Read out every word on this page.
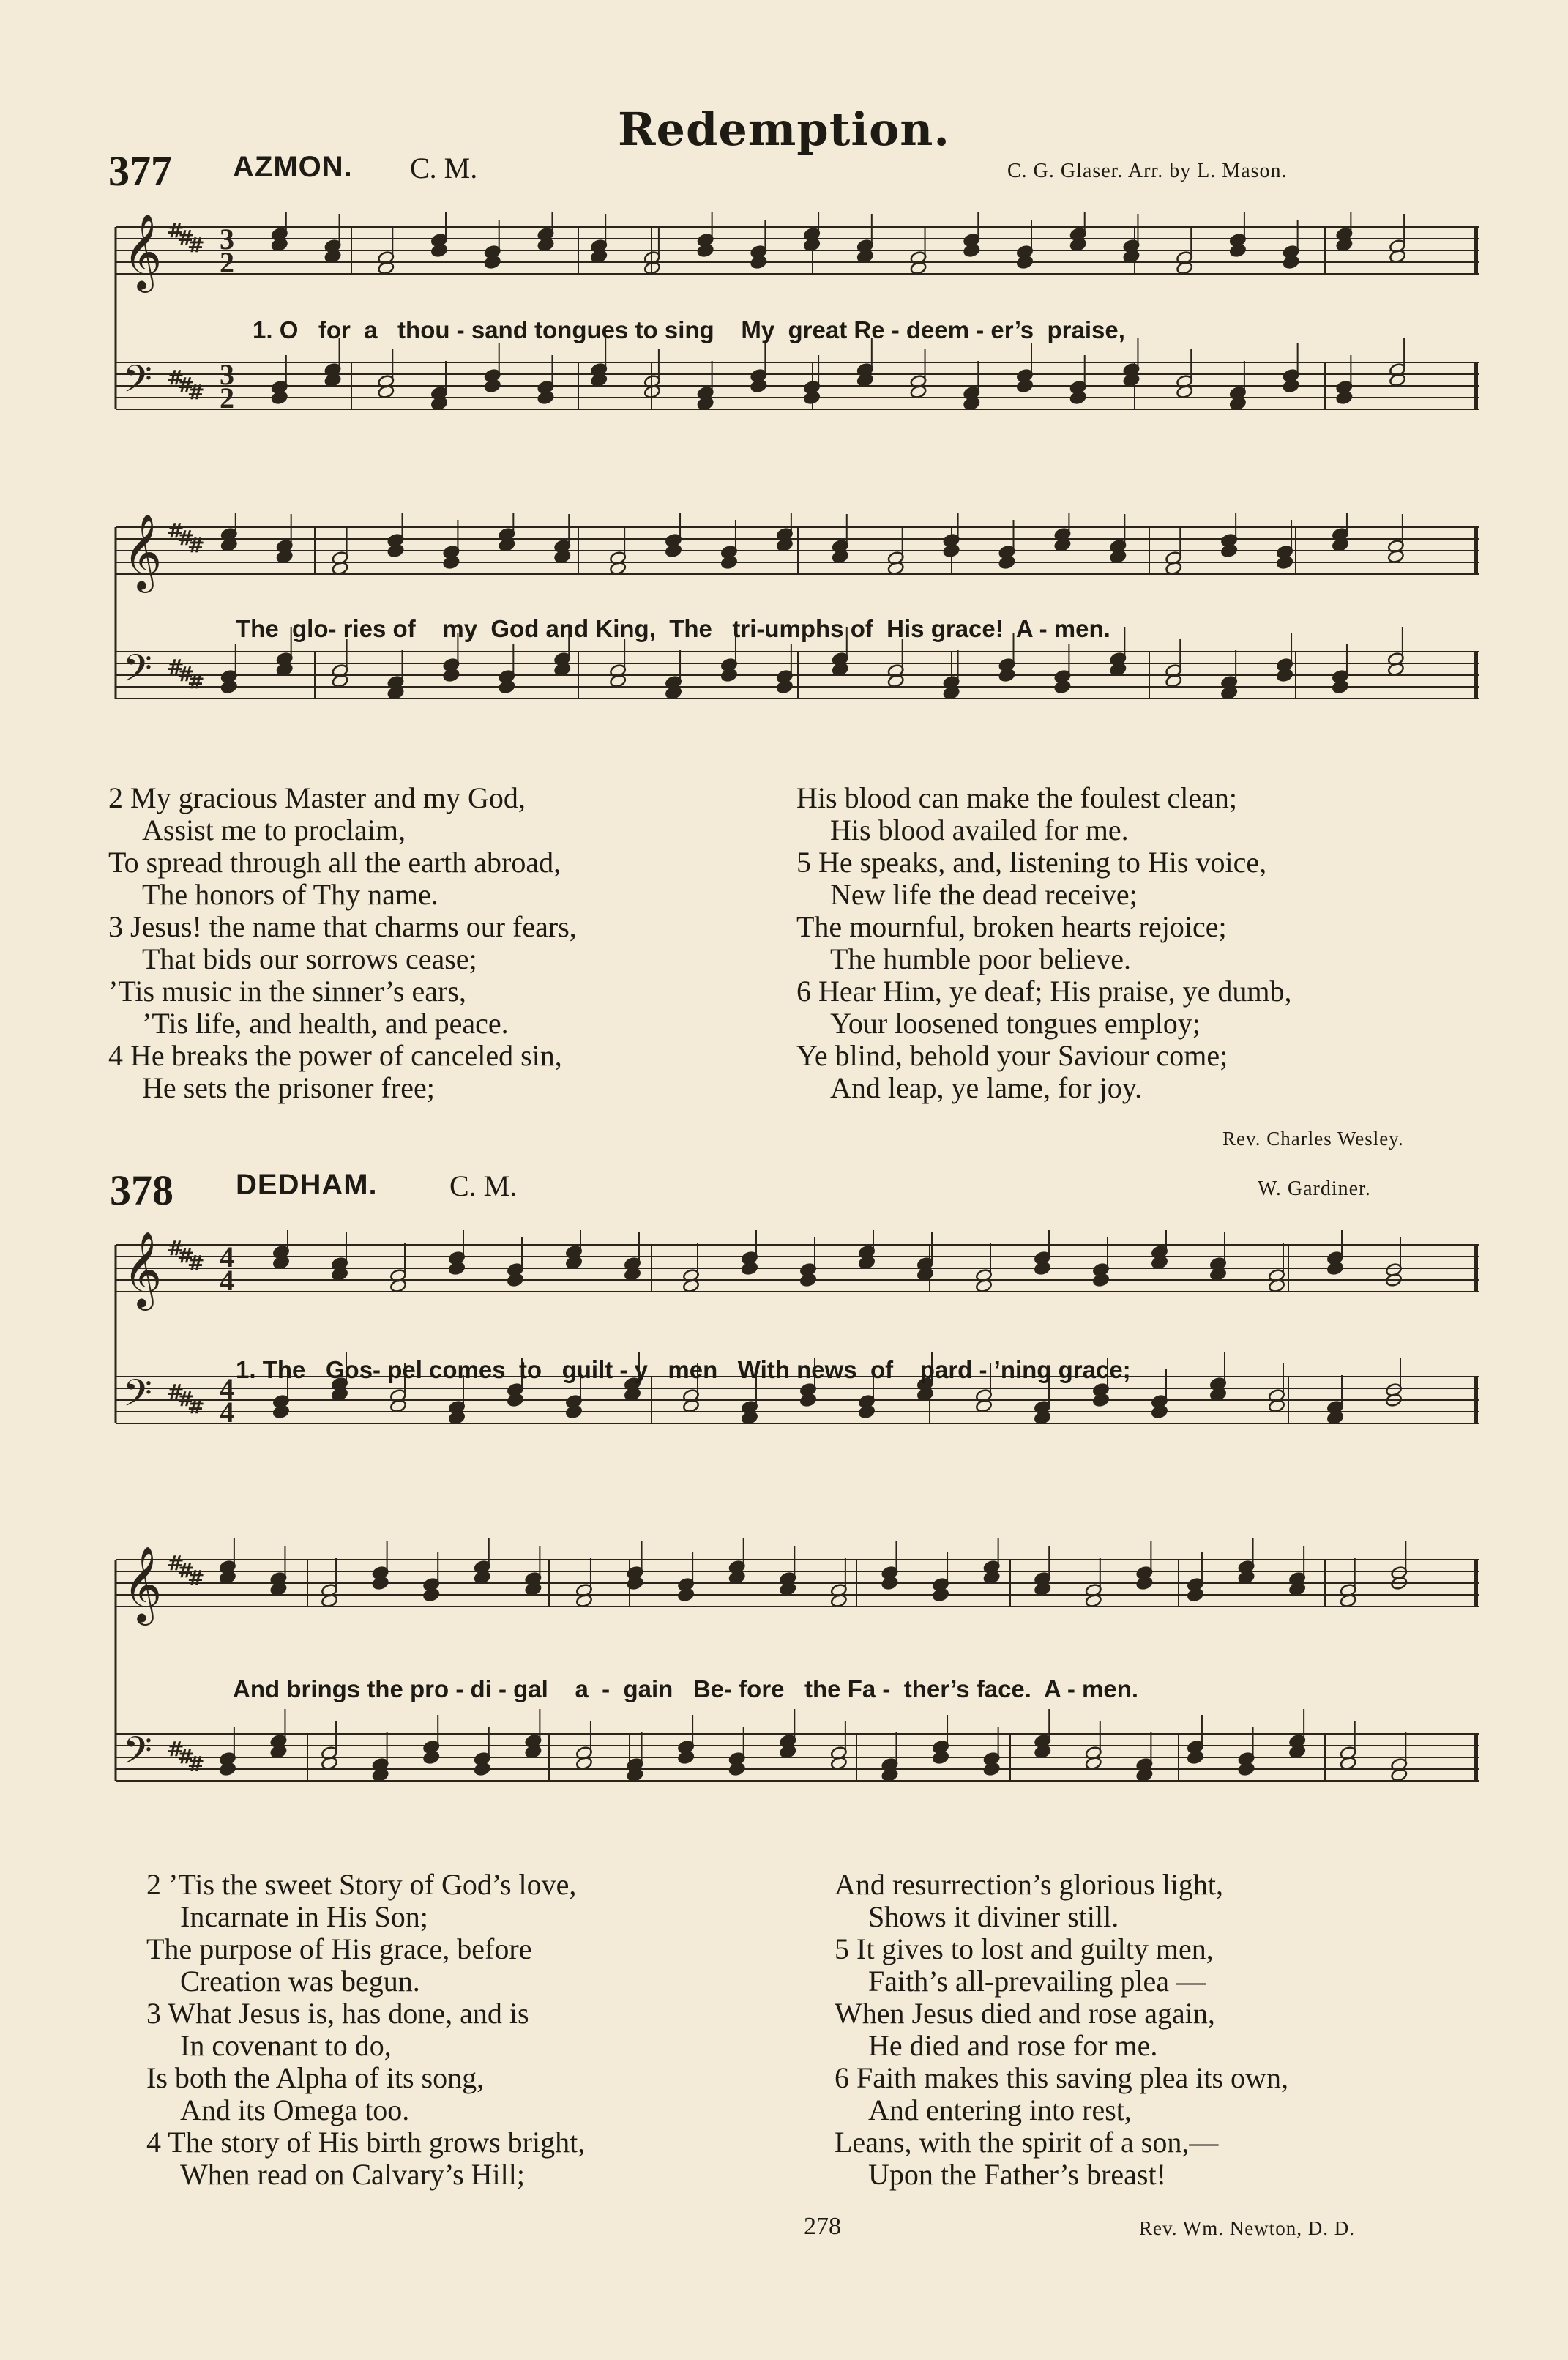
Redemption.
377 AZMON. C. M.	C. G. Glaser. Arr. by L. Mason.
𝄞
𝄢
#
#
#
#
#
#
3
2
3
2
1. O   for  a   thou - sand tongues to sing    My  great Re - deem - er’s  praise,
𝄞
𝄢
#
#
#
#
#
#
The  glo- ries of    my  God and King,  The   tri-umphs of  His grace!  A - men.
2 My gracious Master and my God,
Assist me to proclaim,
To spread through all the earth abroad,
The honors of Thy name.
3 Jesus! the name that charms our fears,
That bids our sorrows cease;
’Tis music in the sinner’s ears,
’Tis life, and health, and peace.
4 He breaks the power of canceled sin,
He sets the prisoner free;
His blood can make the foulest clean;
His blood availed for me.
5 He speaks, and, listening to His voice,
New life the dead receive;
The mournful, broken hearts rejoice;
The humble poor believe.
6 Hear Him, ye deaf; His praise, ye dumb,
Your loosened tongues employ;
Ye blind, behold your Saviour come;
And leap, ye lame, for joy.
Rev. Charles Wesley.
378 DEDHAM. C. M.	W. Gardiner.
𝄞
𝄢
#
#
#
#
#
#
4
4
4
4
1. The   Gos- pel comes  to   guilt - y   men   With news  of    pard - ’ning grace;
𝄞
𝄢
#
#
#
#
#
#
And brings the pro - di - gal    a  -  gain   Be- fore   the Fa -  ther’s face.  A - men.
2 ’Tis the sweet Story of God’s love,
Incarnate in His Son;
The purpose of His grace, before
Creation was begun.
3 What Jesus is, has done, and is
In covenant to do,
Is both the Alpha of its song,
And its Omega too.
4 The story of His birth grows bright,
When read on Calvary’s Hill;
And resurrection’s glorious light,
Shows it diviner still.
5 It gives to lost and guilty men,
Faith’s all-prevailing plea —
When Jesus died and rose again,
He died and rose for me.
6 Faith makes this saving plea its own,
And entering into rest,
Leans, with the spirit of a son,—
Upon the Father’s breast!
Rev. Wm. Newton, D. D.
278
